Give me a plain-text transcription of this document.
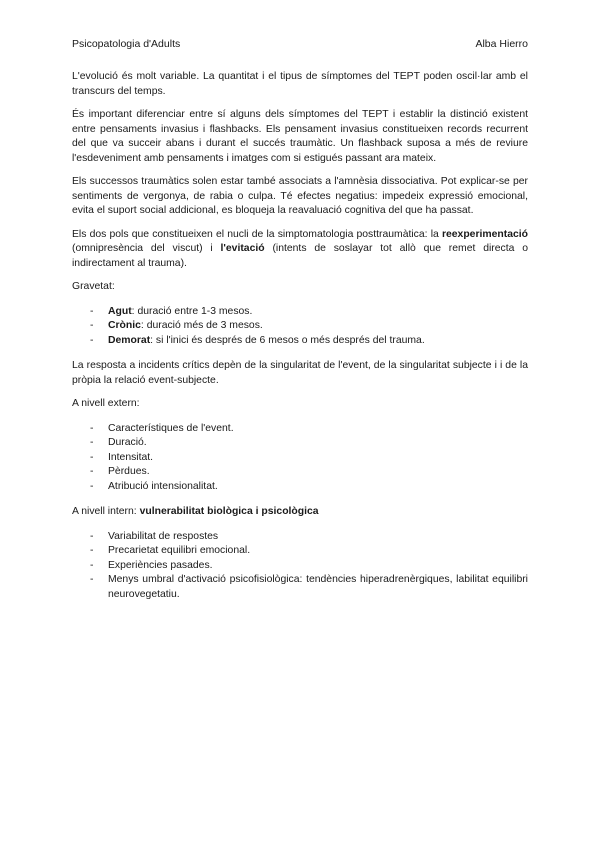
Psicopatologia d'Adults	Alba Hierro

L'evolució és molt variable. La quantitat i el tipus de símptomes del TEPT poden oscil·lar amb el transcurs del temps.

És important diferenciar entre sí alguns dels símptomes del TEPT i establir la distinció existent entre pensaments invasius i flashbacks. Els pensament invasius constitueixen records recurrent del que va succeir abans i durant el succés traumàtic. Un flashback suposa a més de reviure l'esdeveniment amb pensaments i imatges com si estigués passant ara mateix.

Els successos traumàtics solen estar també associats a l'amnèsia dissociativa. Pot explicar-se per sentiments de vergonya, de rabia o culpa. Té efectes negatius: impedeix expressió emocional, evita el suport social addicional, es bloqueja la reavaluació cognitiva del que ha passat.

Els dos pols que constitueixen el nucli de la simptomatologia posttraumàtica: la reexperimentació (omnipresència del viscut) i l'evitació (intents de soslayar tot allò que remet directa o indirectament al trauma).

Gravetat:

- Agut: duració entre 1-3 mesos.
- Crònic: duració més de 3 mesos.
- Demorat: si l'inici és després de 6 mesos o més després del trauma.

La resposta a incidents crítics depèn de la singularitat de l'event, de la singularitat subjecte i i de la pròpia la relació event-subjecte.

A nivell extern:

- Característiques de l'event.
- Duració.
- Intensitat.
- Pèrdues.
- Atribució intensionalitat.

A nivell intern: vulnerabilitat biològica i psicològica

- Variabilitat de respostes
- Precarietat equilibri emocional.
- Experiències pasades.
- Menys umbral d'activació psicofisiològica: tendències hiperadrenèrgiques, labilitat equilibri neurovegetatiu.
